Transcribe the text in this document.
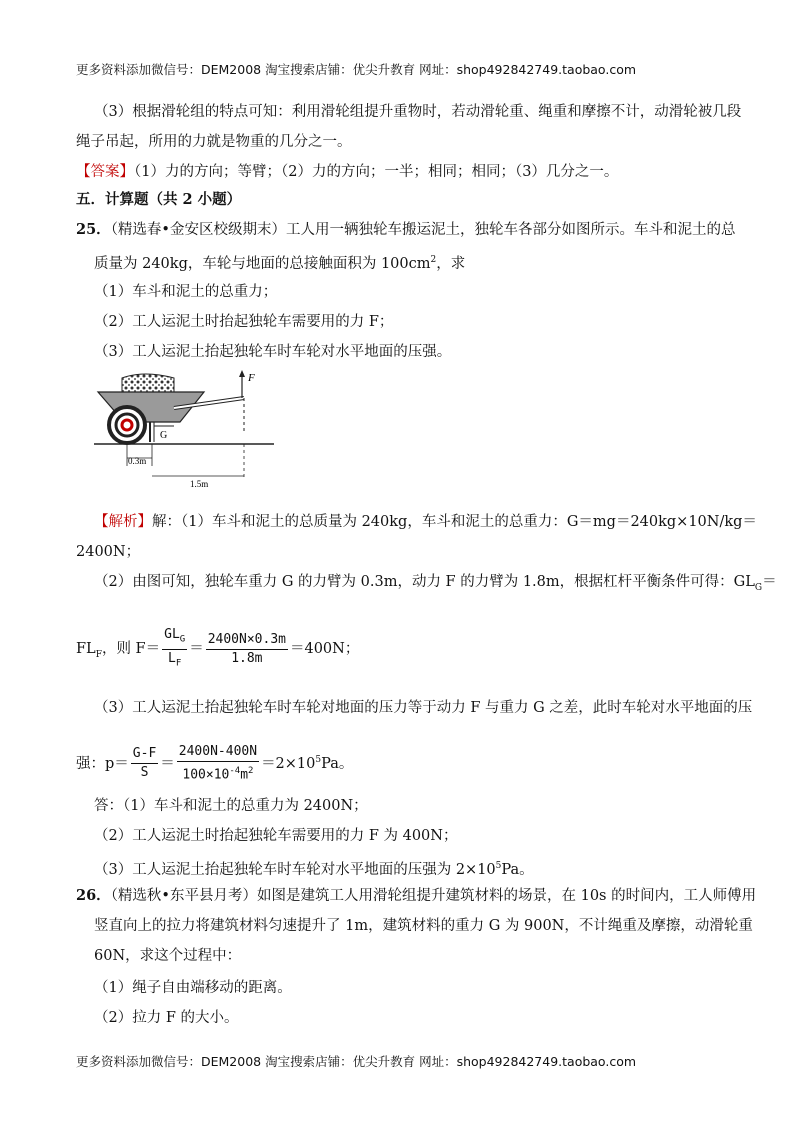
更多资料添加微信号：DEM2008 淘宝搜索店铺：优尖升教育 网址：shop492842749.taobao.com
（3）根据滑轮组的特点可知：利用滑轮组提升重物时，若动滑轮重、绳重和摩擦不计，动滑轮被几段
绳子吊起，所用的力就是物重的几分之一。
【答案】（1）力的方向；等臂；（2）力的方向；一半；相同；相同；（3）几分之一。
五．计算题（共 2 小题）
25．（精选春•金安区校级期末）工人用一辆独轮车搬运泥土，独轮车各部分如图所示。车斗和泥土的总
质量为 240kg，车轮与地面的总接触面积为 $100cm^2$，求
（1）车斗和泥土的总重力；
（2）工人运泥土时抬起独轮车需要用的力 F；
（3）工人运泥土抬起独轮车时车轮对水平地面的压强。
F
G
0.3m
1.5m
【解析】解：（1）车斗和泥土的总质量为 240kg，车斗和泥土的总重力：G＝mg＝240kg×10N/kg＝
2400N；
（2）由图可知，独轮车重力 G 的力臂为 0.3m，动力 F 的力臂为 1.8m，根据杠杆平衡条件可得：$GL_G=$
$FL_F$，则 $F= \frac{GL_G}{L_F} = \frac{2400N\times 0.3m}{1.8m} =400N$；
（3）工人运泥土抬起独轮车时车轮对地面的压力等于动力 F 与重力 G 之差，此时车轮对水平地面的压
强：$p= \frac{G-F}{S} = \frac{2400N-400N}{100\times 10^{-4}m^2} =2\times 10^5Pa$。
答：（1）车斗和泥土的总重力为 2400N；
（2）工人运泥土时抬起独轮车需要用的力 F 为 400N；
（3）工人运泥土抬起独轮车时车轮对水平地面的压强为 $2\times 10^5Pa$。
26．（精选秋•东平县月考）如图是建筑工人用滑轮组提升建筑材料的场景，在 10s 的时间内，工人师傅用
竖直向上的拉力将建筑材料匀速提升了 1m，建筑材料的重力 G 为 900N，不计绳重及摩擦，动滑轮重
60N，求这个过程中：
（1）绳子自由端移动的距离。
（2）拉力 F 的大小。
更多资料添加微信号：DEM2008 淘宝搜索店铺：优尖升教育 网址：shop492842749.taobao.com
